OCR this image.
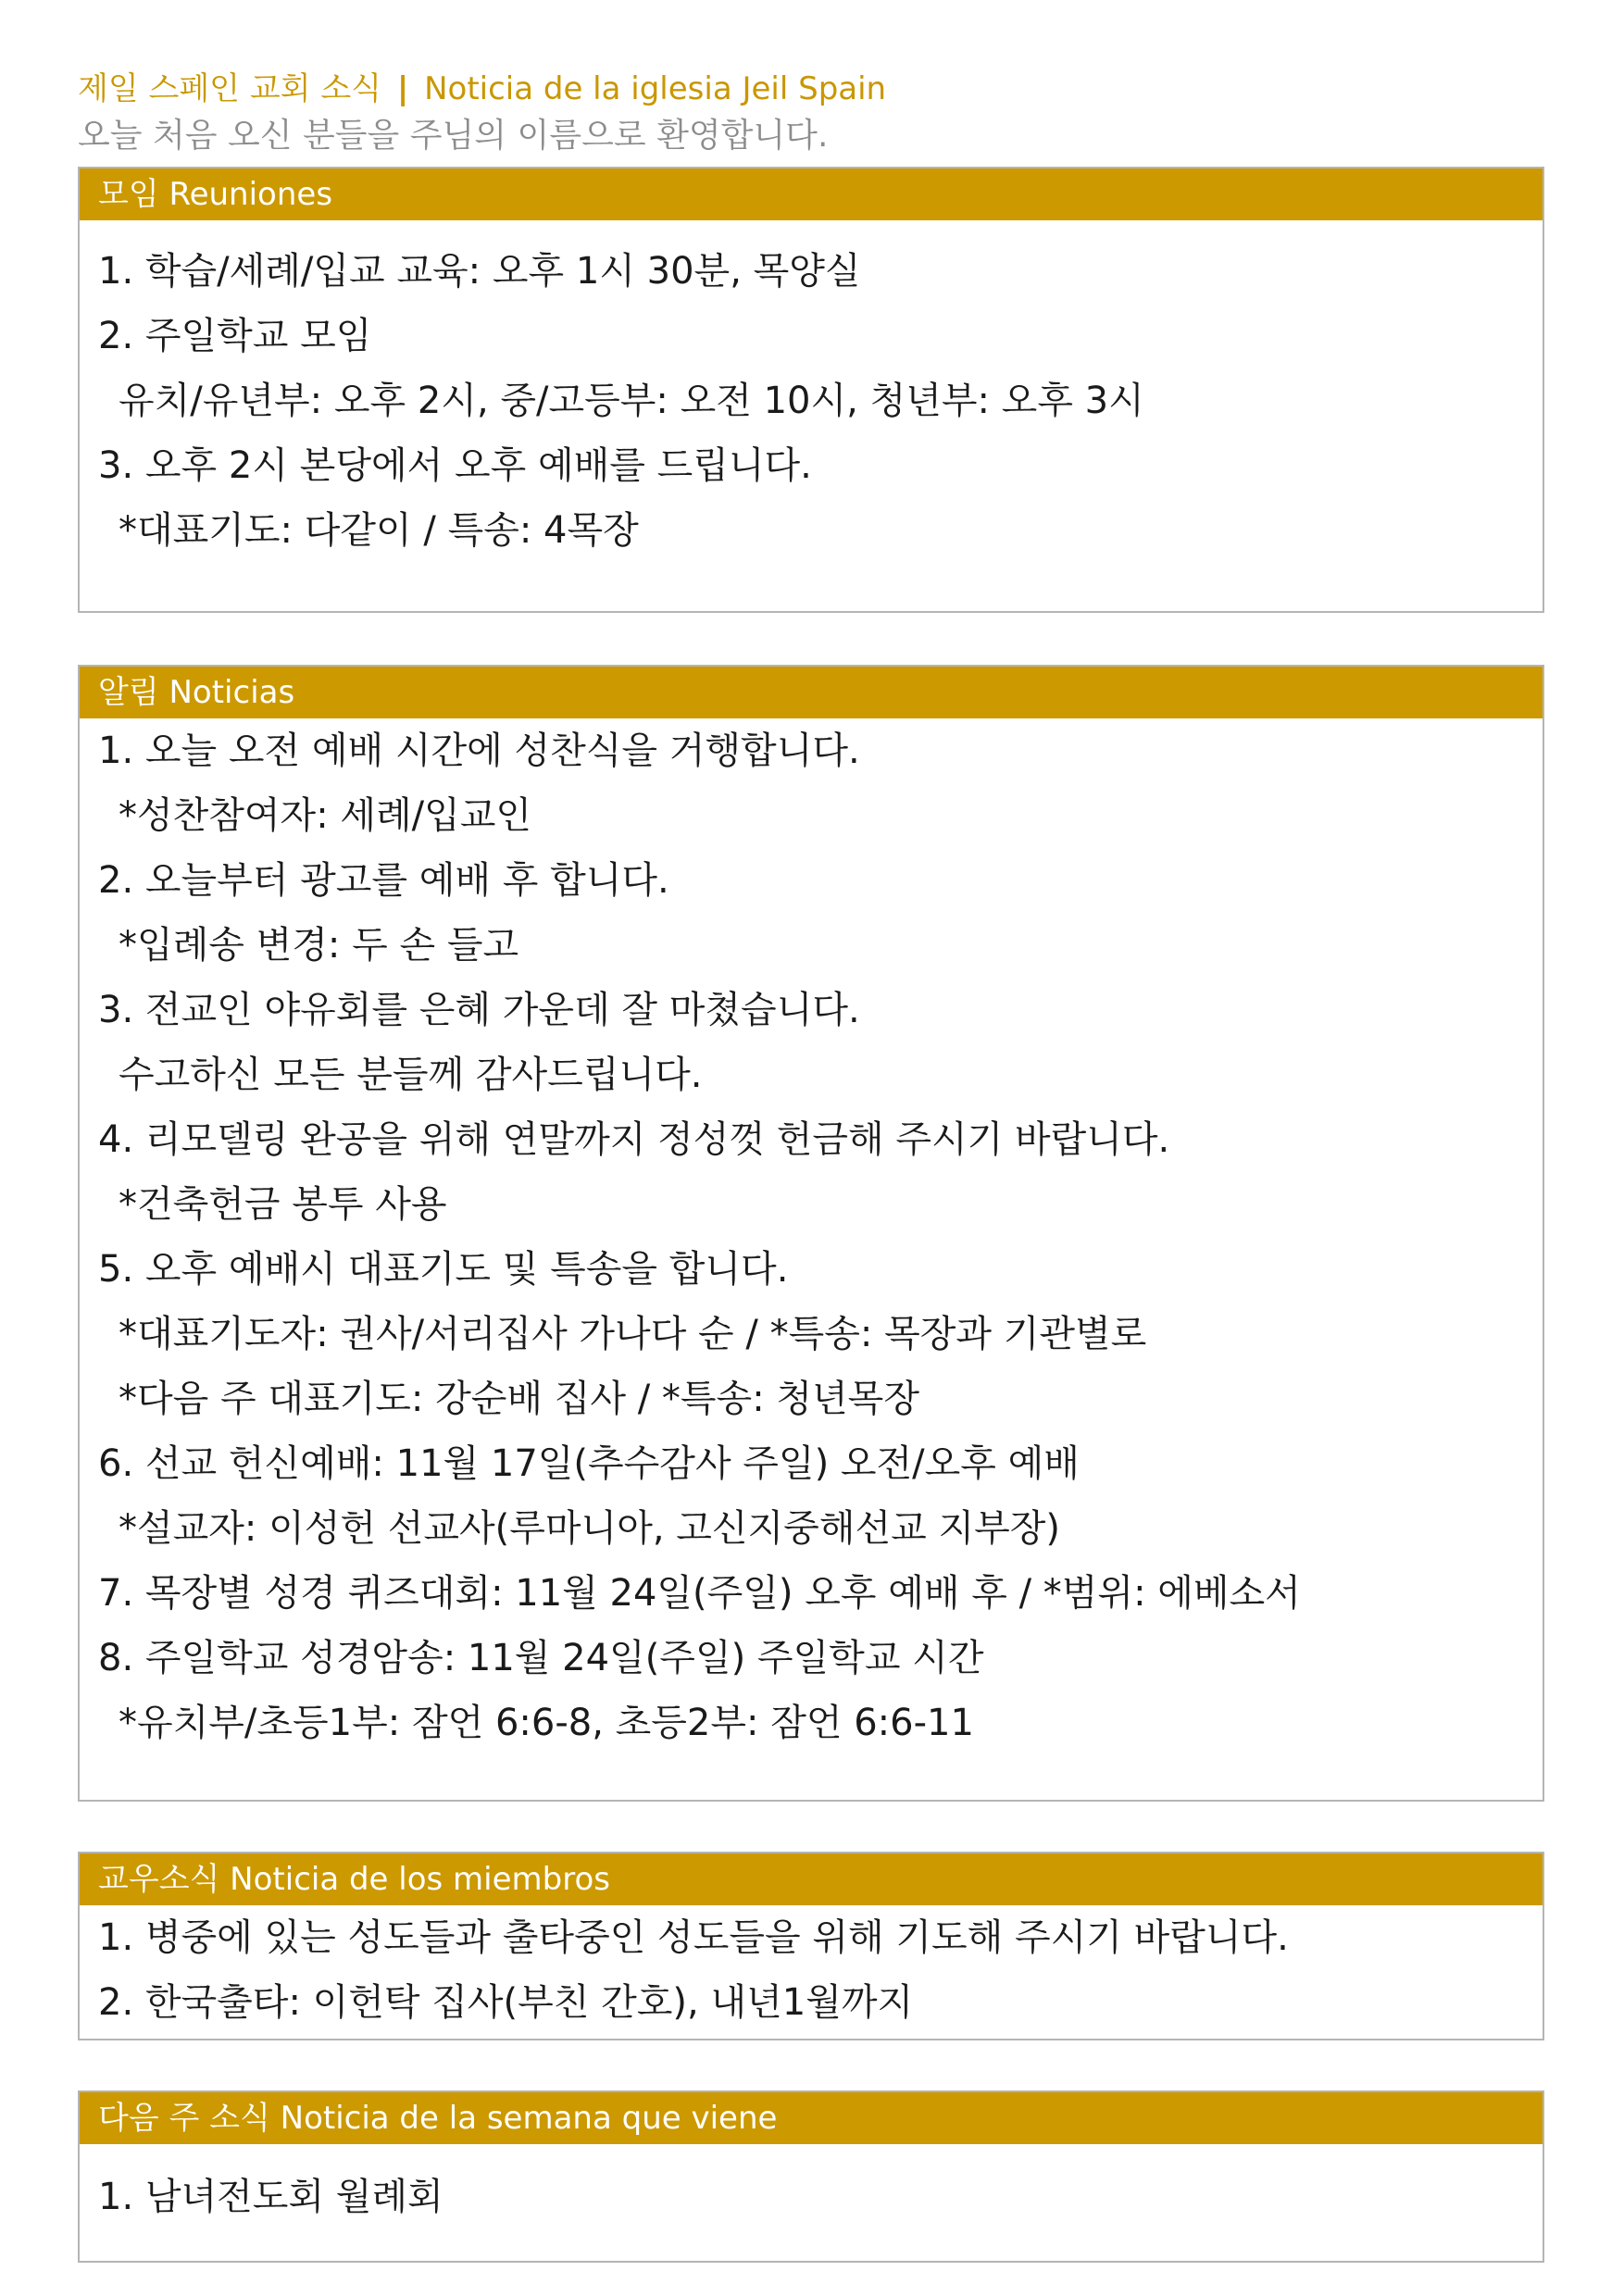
제일 스페인 교회 소식 | Noticia de la iglesia Jeil Spain
오늘 처음 오신 분들을 주님의 이름으로 환영합니다.
모임 Reuniones
1. 학습/세례/입교 교육: 오후 1시 30분, 목양실
2. 주일학교 모임
유치/유년부: 오후 2시, 중/고등부: 오전 10시, 청년부: 오후 3시
3. 오후 2시 본당에서 오후 예배를 드립니다.
*대표기도: 다같이 / 특송: 4목장
알림 Noticias
1. 오늘 오전 예배 시간에 성찬식을 거행합니다.
*성찬참여자: 세례/입교인
2. 오늘부터 광고를 예배 후 합니다.
*입례송 변경: 두 손 들고
3. 전교인 야유회를 은혜 가운데 잘 마쳤습니다.
수고하신 모든 분들께 감사드립니다.
4. 리모델링 완공을 위해 연말까지 정성껏 헌금해 주시기 바랍니다.
*건축헌금 봉투 사용
5. 오후 예배시 대표기도 및 특송을 합니다.
*대표기도자: 권사/서리집사 가나다 순 / *특송: 목장과 기관별로
*다음 주 대표기도: 강순배 집사 / *특송: 청년목장
6. 선교 헌신예배: 11월 17일(추수감사 주일) 오전/오후 예배
*설교자: 이성헌 선교사(루마니아, 고신지중해선교 지부장)
7. 목장별 성경 퀴즈대회: 11월 24일(주일) 오후 예배 후 / *범위: 에베소서
8. 주일학교 성경암송: 11월 24일(주일) 주일학교 시간
*유치부/초등1부: 잠언 6:6-8, 초등2부: 잠언 6:6-11
교우소식 Noticia de los miembros
1. 병중에 있는 성도들과 출타중인 성도들을 위해 기도해 주시기 바랍니다.
2. 한국출타: 이헌탁 집사(부친 간호), 내년1월까지
다음 주 소식 Noticia de la semana que viene
1. 남녀전도회 월례회
